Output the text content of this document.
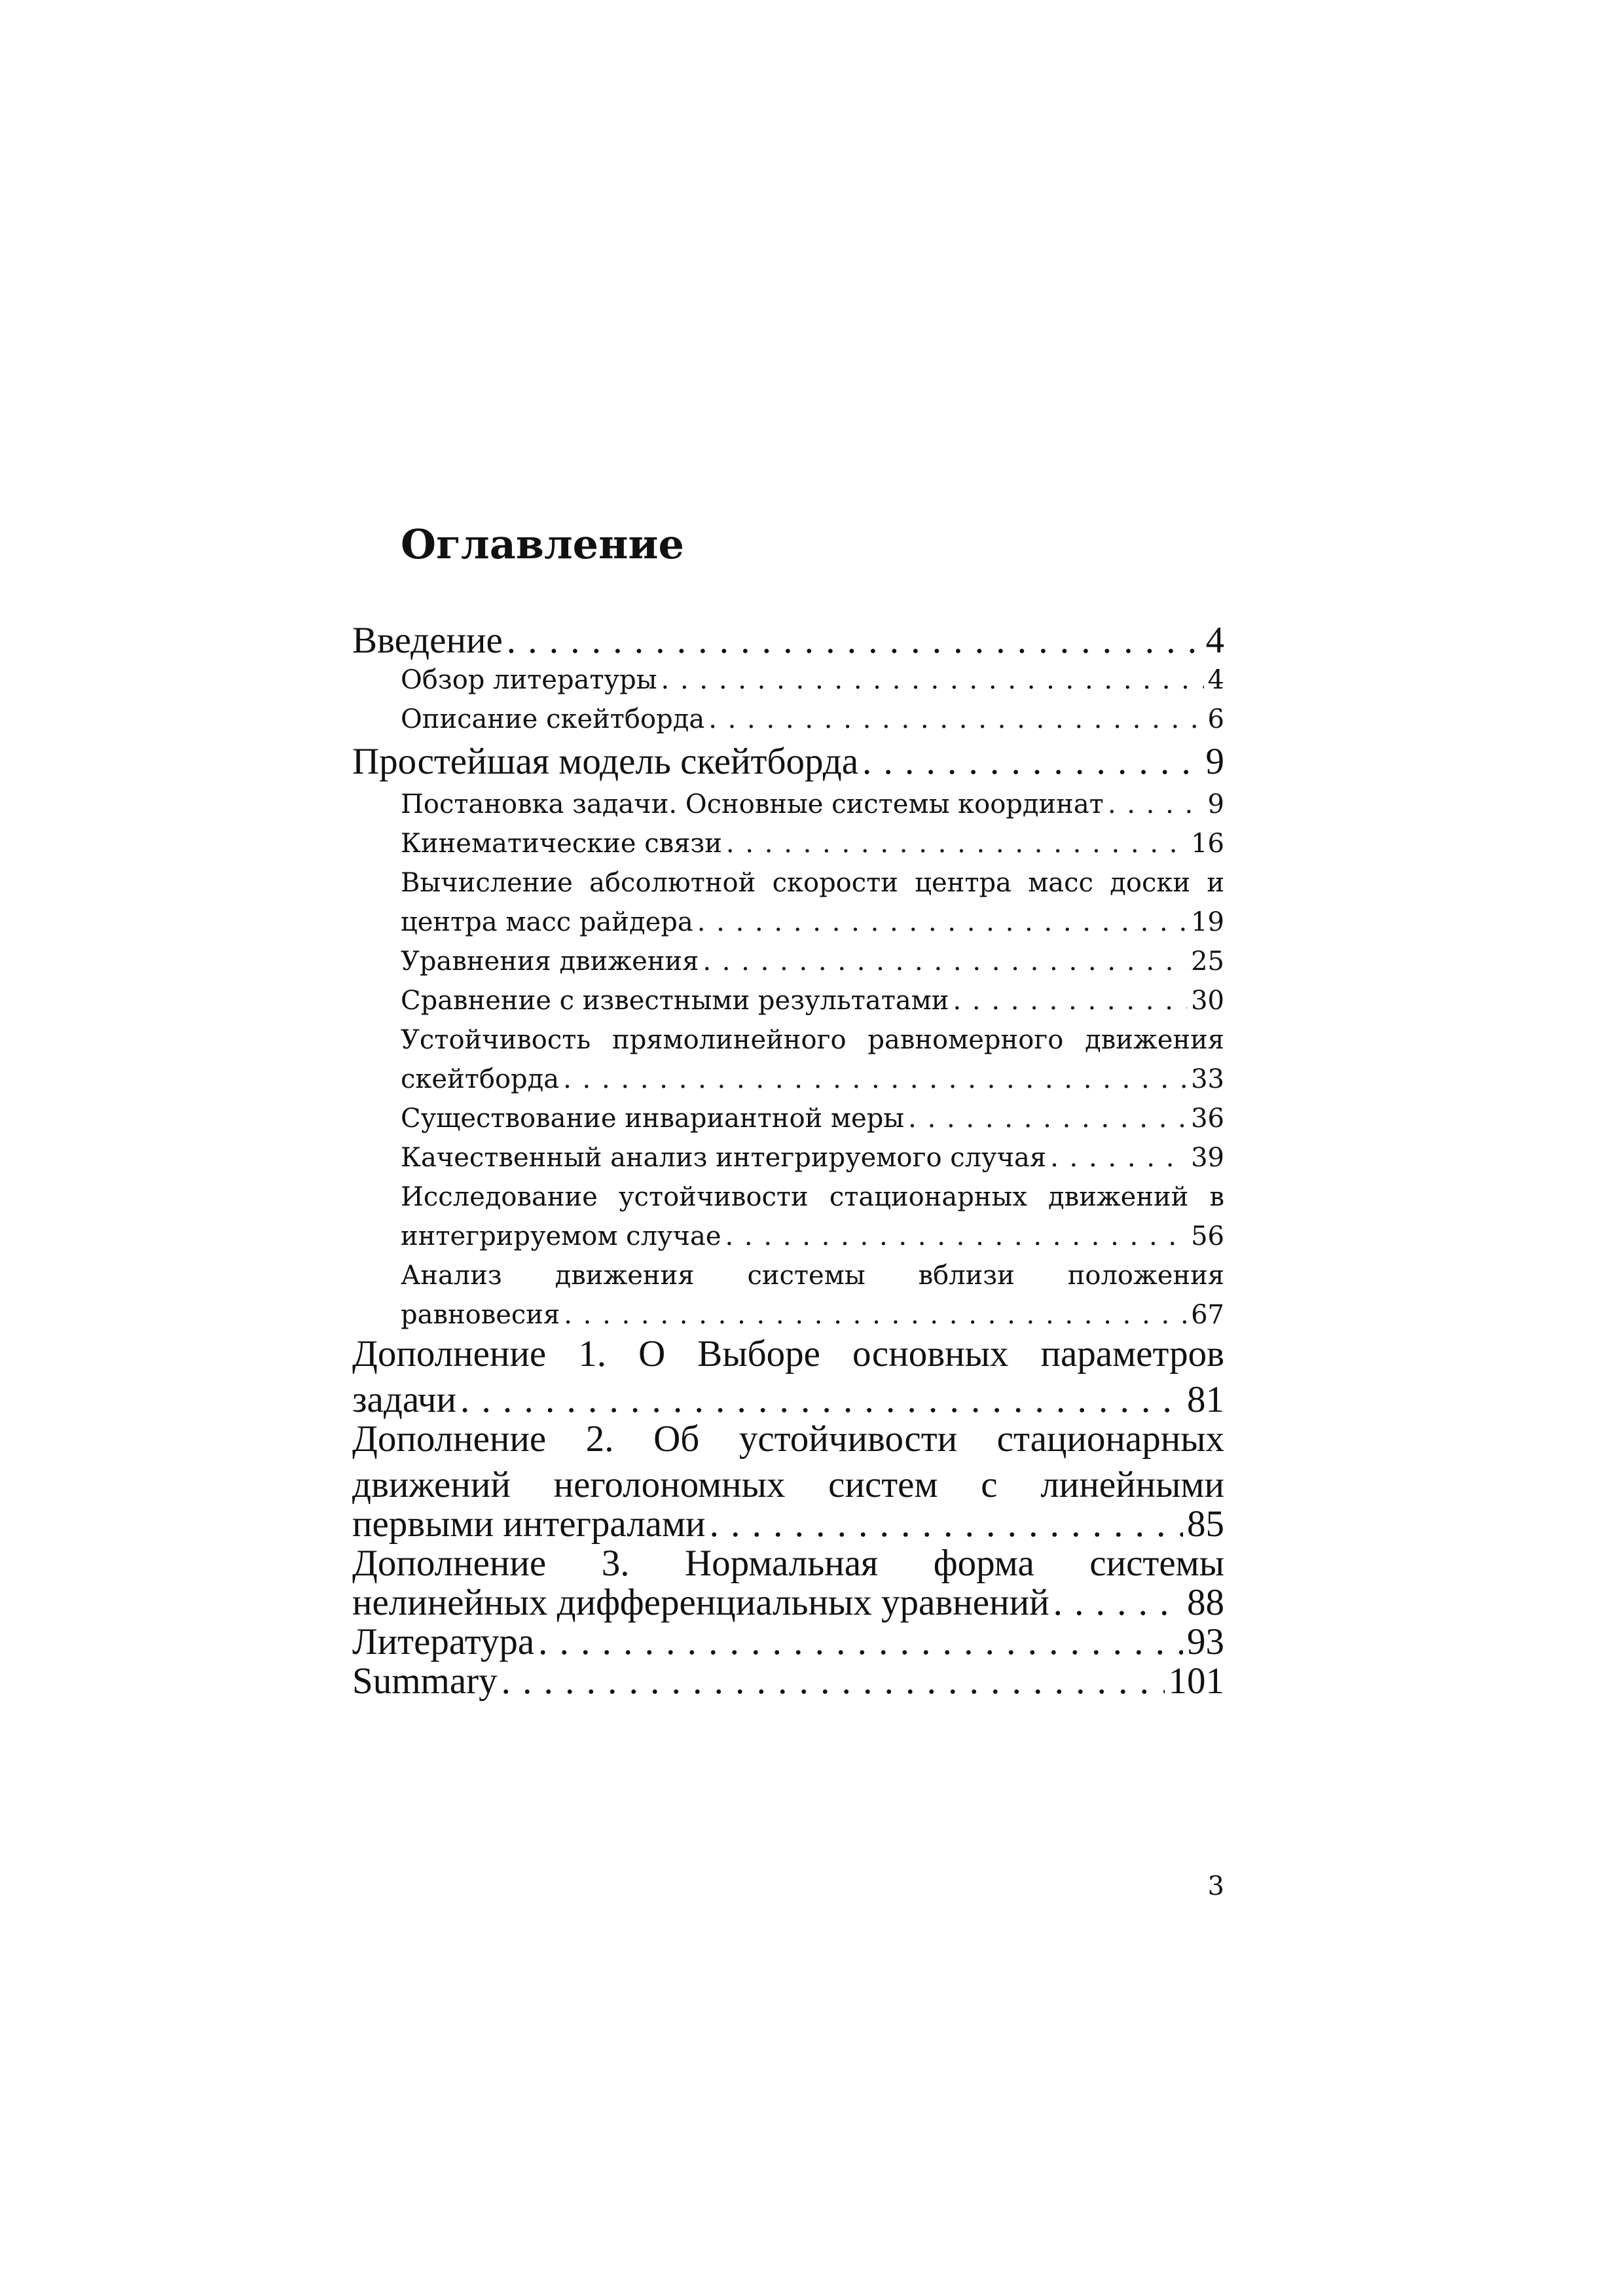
Оглавление
Введение . . .	4
Обзор литературы . . .	4
Описание скейтборда . . .	6
Простейшая модель скейтборда . . .	9
Постановка задачи. Основные системы координат . . .	9
Кинематические связи . . .	16
Вычисление абсолютной скорости центра масс доски и
центра масс райдера . . .	19
Уравнения движения . . .	25
Сравнение с известными результатами . . .	30
Устойчивость прямолинейного равномерного движения
скейтборда . . .	33
Существование инвариантной меры . . .	36
Качественный анализ интегрируемого случая . . .	39
Исследование устойчивости стационарных движений в
интегрируемом случае . . .	56
Анализ движения системы вблизи положения
равновесия . . .	67
Дополнение 1. О Выборе основных параметров
задачи . . .	81
Дополнение 2. Об устойчивости стационарных
движений неголономных систем с линейными
первыми интегралами . . .	85
Дополнение 3. Нормальная форма системы
нелинейных дифференциальных уравнений . . .	88
Литература . . .	93
Summary . . .	101
3
